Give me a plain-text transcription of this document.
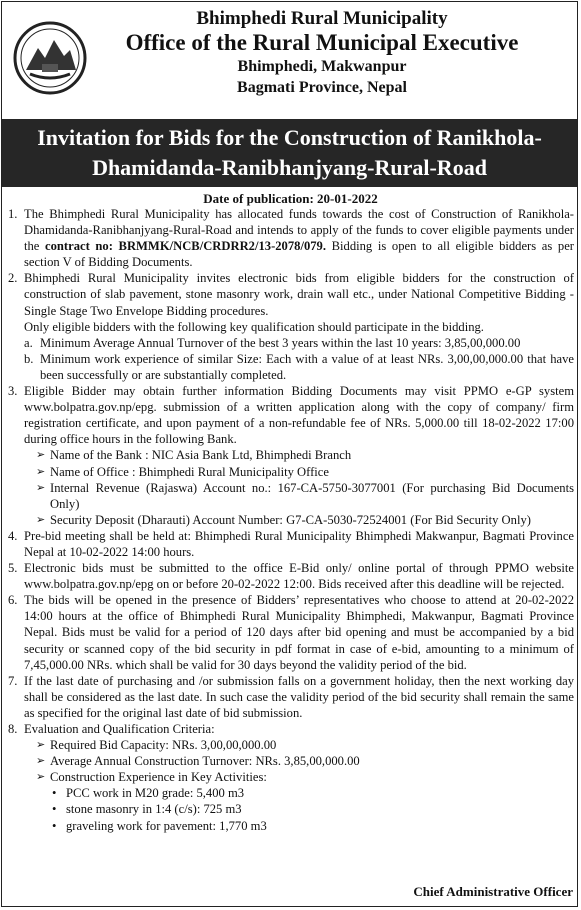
Bhimphedi Rural Municipality
Office of the Rural Municipal Executive
Bhimphedi, Makwanpur
Bagmati Province, Nepal
Invitation for Bids for the Construction of Ranikhola-
Dhamidanda-Ranibhanjyang-Rural-Road
Date of publication: 20-01-2022
1. The Bhimphedi Rural Municipality has allocated funds towards the cost of Construction of Ranikhola-Dhamidanda-Ranibhanjyang-Rural-Road and intends to apply of the funds to cover eligible payments under the contract no: BRMMK/NCB/CRDRR2/13-2078/079. Bidding is open to all eligible bidders as per section V of Bidding Documents.
2. Bhimphedi Rural Municipality invites electronic bids from eligible bidders for the construction of construction of slab pavement, stone masonry work, drain wall etc., under National Competitive Bidding -Single Stage Two Envelope Bidding procedures.
Only eligible bidders with the following key qualification should participate in the bidding.
a. Minimum Average Annual Turnover of the best 3 years within the last 10 years: 3,85,00,000.00
b. Minimum work experience of similar Size: Each with a value of at least NRs. 3,00,00,000.00 that have been successfully or are substantially completed.
3. Eligible Bidder may obtain further information Bidding Documents may visit PPMO e-GP system www.bolpatra.gov.np/epg. submission of a written application along with the copy of company/ firm registration certificate, and upon payment of a non-refundable fee of NRs. 5,000.00 till 18-02-2022 17:00 during office hours in the following Bank.
➢ Name of the Bank : NIC Asia Bank Ltd, Bhimphedi Branch
➢ Name of Office : Bhimphedi Rural Municipality Office
➢ Internal Revenue (Rajaswa) Account no.: 167-CA-5750-3077001 (For purchasing Bid Documents Only)
➢ Security Deposit (Dharauti) Account Number: G7-CA-5030-72524001 (For Bid Security Only)
4. Pre-bid meeting shall be held at: Bhimphedi Rural Municipality Bhimphedi Makwanpur, Bagmati Province Nepal at 10-02-2022 14:00 hours.
5. Electronic bids must be submitted to the office E-Bid only/ online portal of through PPMO website www.bolpatra.gov.np/epg on or before 20-02-2022 12:00. Bids received after this deadline will be rejected.
6. The bids will be opened in the presence of Bidders’ representatives who choose to attend at 20-02-2022 14:00 hours at the office of Bhimphedi Rural Municipality Bhimphedi, Makwanpur, Bagmati Province Nepal. Bids must be valid for a period of 120 days after bid opening and must be accompanied by a bid security or scanned copy of the bid security in pdf format in case of e-bid, amounting to a minimum of 7,45,000.00 NRs. which shall be valid for 30 days beyond the validity period of the bid.
7. If the last date of purchasing and /or submission falls on a government holiday, then the next working day shall be considered as the last date. In such case the validity period of the bid security shall remain the same as specified for the original last date of bid submission.
8. Evaluation and Qualification Criteria:
➢ Required Bid Capacity: NRs. 3,00,00,000.00
➢ Average Annual Construction Turnover: NRs. 3,85,00,000.00
➢ Construction Experience in Key Activities:
• PCC work in M20 grade: 5,400 m3
• stone masonry in 1:4 (c/s): 725 m3
• graveling work for pavement: 1,770 m3
Chief Administrative Officer
